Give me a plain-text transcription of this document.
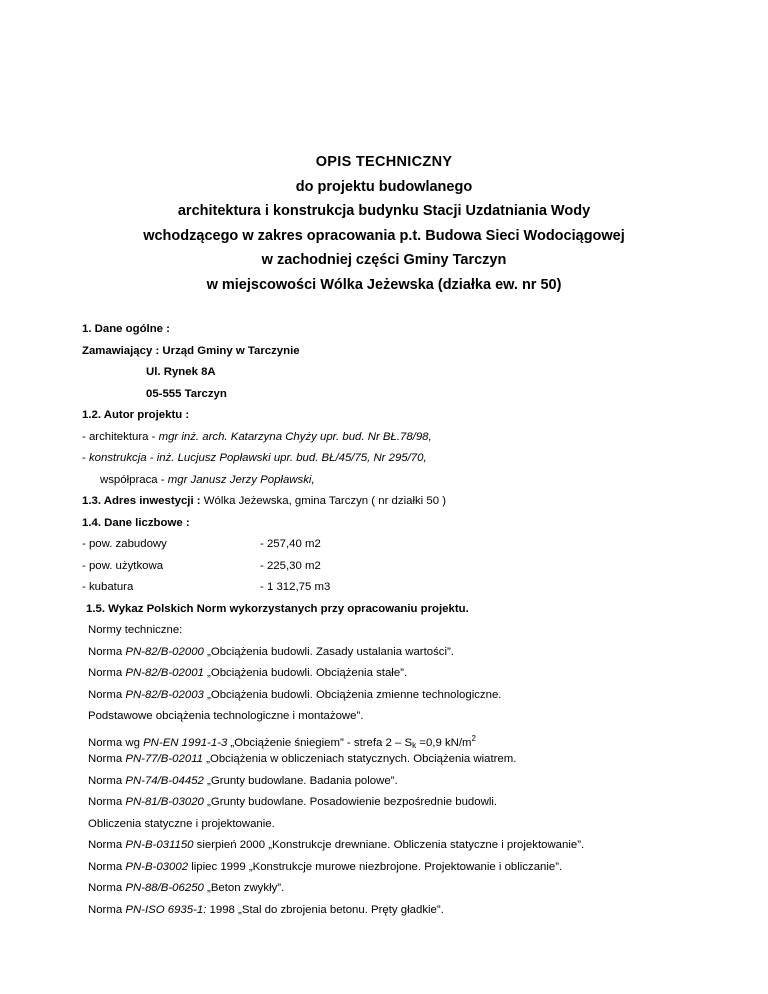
OPIS TECHNICZNY
do projektu budowlanego
architektura i konstrukcja budynku Stacji Uzdatniania Wody
wchodzącego w zakres opracowania p.t. Budowa Sieci Wodociągowej
w zachodniej części Gminy Tarczyn
w miejscowości Wólka Jeżewska (działka ew. nr 50)
1. Dane ogólne :
Zamawiający : Urząd Gminy w Tarczynie
Ul. Rynek 8A
05-555 Tarczyn
1.2. Autor projektu :
- architektura - mgr inż. arch. Katarzyna Chyży upr. bud. Nr BŁ.78/98,
- konstrukcja - inż. Lucjusz Popławski upr. bud. BŁ/45/75, Nr 295/70,
współpraca - mgr Janusz Jerzy Popławski,
1.3. Adres inwestycji : Wólka Jeżewska, gmina Tarczyn ( nr działki 50 )
1.4. Dane liczbowe :
- pow. zabudowy	- 257,40 m2
- pow. użytkowa	- 225,30 m2
- kubatura	- 1 312,75 m3
1.5. Wykaz Polskich Norm wykorzystanych przy opracowaniu projektu.
Normy techniczne:
Norma PN-82/B-02000 „Obciążenia budowli. Zasady ustalania wartości”.
Norma PN-82/B-02001 „Obciążenia budowli. Obciążenia stałe”.
Norma PN-82/B-02003 „Obciążenia budowli. Obciążenia zmienne technologiczne.
Podstawowe obciążenia technologiczne i montażowe”.
Norma wg PN-EN 1991-1-3 „Obciążenie śniegiem” - strefa $2 - S_k =0,9$ $kN/m^2$
Norma PN-77/B-02011 „Obciążenia w obliczeniach statycznych. Obciążenia wiatrem.
Norma PN-74/B-04452 „Grunty budowlane. Badania polowe”.
Norma PN-81/B-03020 „Grunty budowlane. Posadowienie bezpośrednie budowli.
Obliczenia statyczne i projektowanie.
Norma PN-B-031150 sierpień 2000 „Konstrukcje drewniane. Obliczenia statyczne i projektowanie”.
Norma PN-B-03002 lipiec 1999 „Konstrukcje murowe niezbrojone. Projektowanie i obliczanie”.
Norma PN-88/B-06250 „Beton zwykły”.
Norma PN-ISO 6935-1: 1998 „Stal do zbrojenia betonu. Pręty gładkie”.
